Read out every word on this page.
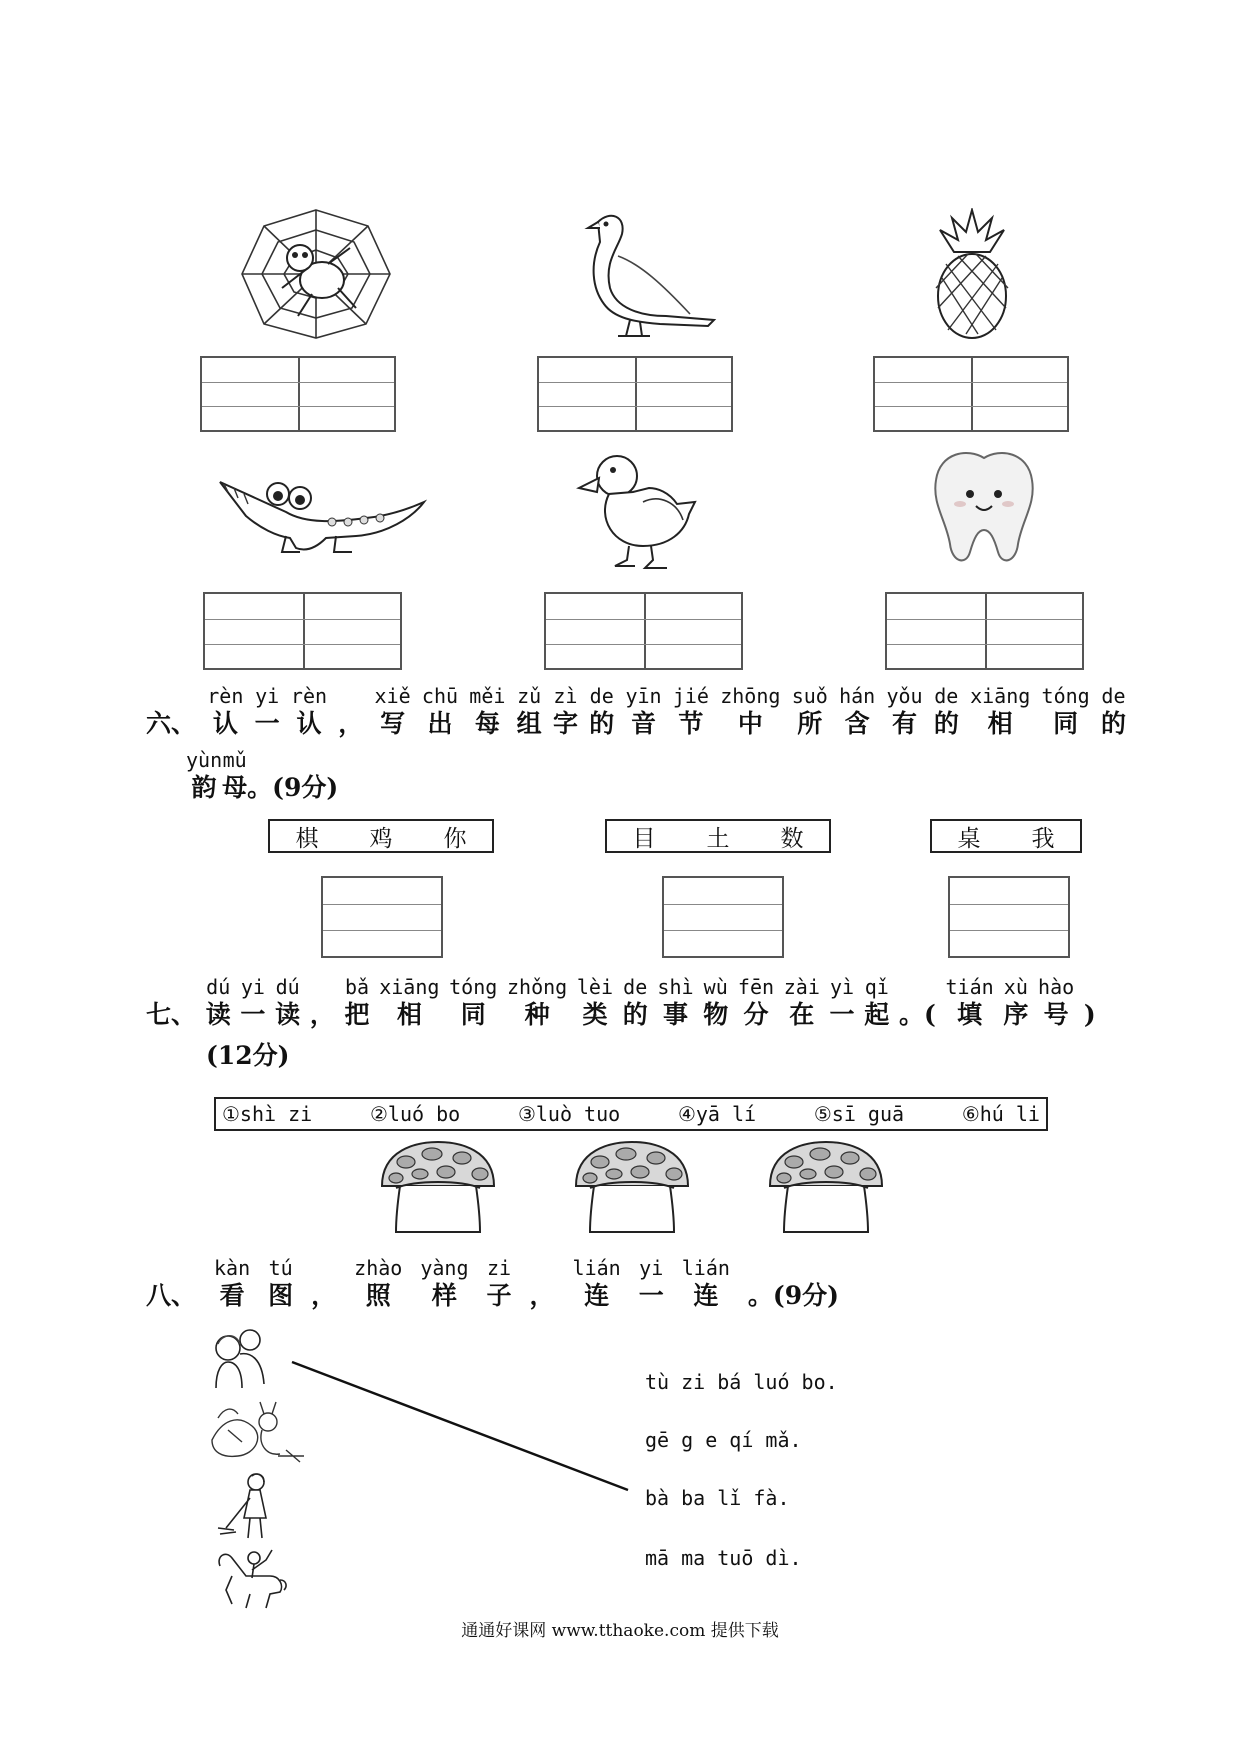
六、
rèn
认
yi
一
rèn
认 ，
xiě
写
chū
出
měi
每
zǔ
组
zì
字
de
的
yīn
音
jié
节
zhōng
中
suǒ
所
hán
含
yǒu
有
de
的
xiāng
相
tóng
同
de
的
yùn
韵
mǔ
母 。(9分)
棋 鸡 你	目 土 数	桌 我
七、
dú
读
yi
一
dú
读 ，
bǎ
把
xiāng
相
tóng
同
zhǒng
种
lèi
类
de
的
shì
事
wù
物
fēn
分
zài
在
yì
一
qǐ
起 。(
tián
填
xù
序
hào
号 )
(12分)
①shì zi	②luó bo	③luò tuo	④yā lí	⑤sī guā	⑥hú li
八、
kàn
看
tú
图 ，
zhào
照
yàng
样
zi
子 ，
lián
连
yi
一
lián
连 。(9分)
tù zi bá luó bo.
gē g e qí mǎ.
bà ba lǐ fà.
mā ma tuō dì.
通通好课网 www.tthaoke.com 提供下载
